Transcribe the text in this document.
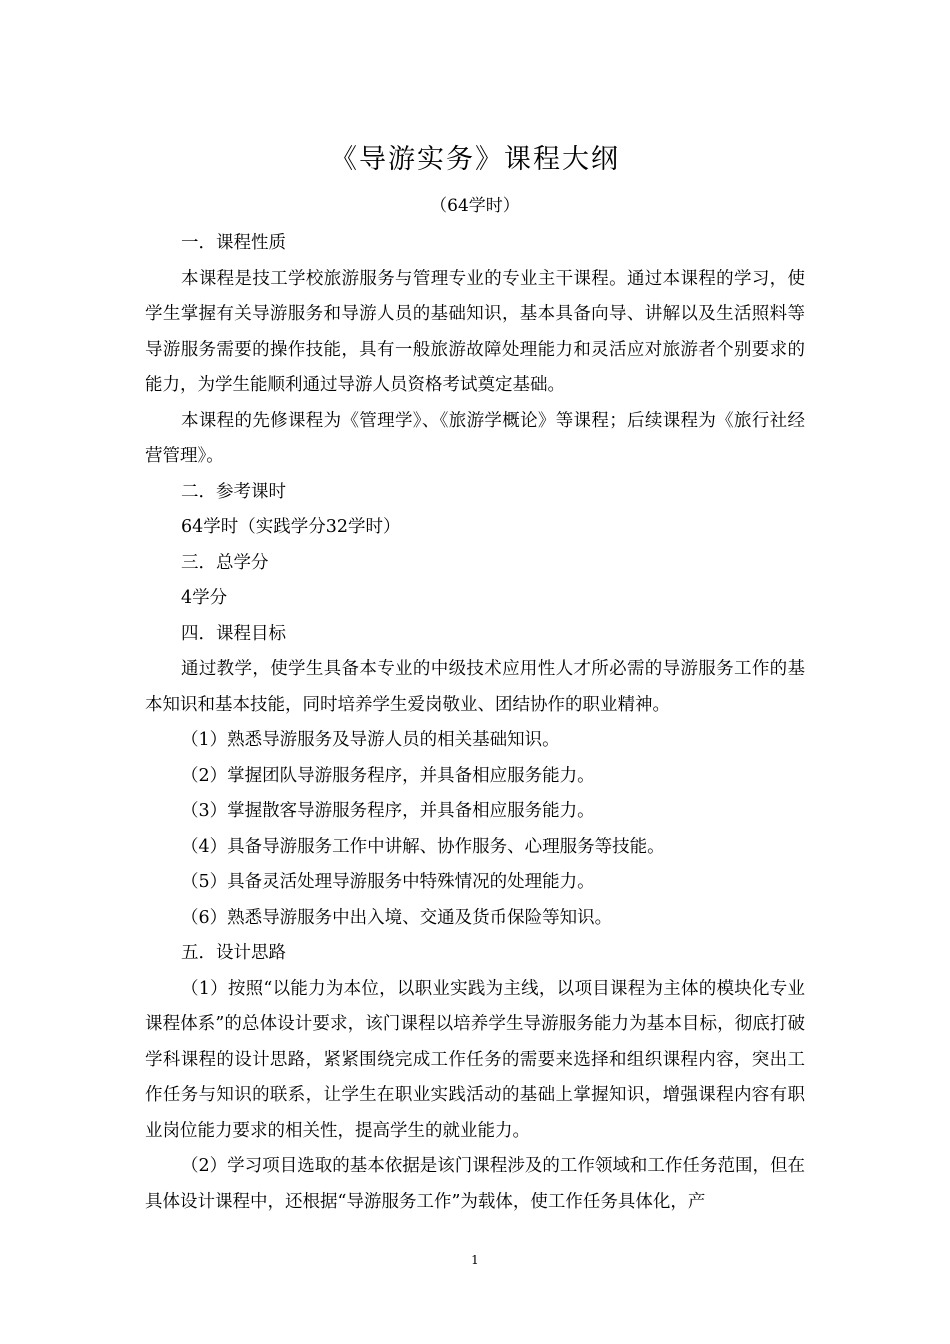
《导游实务》课程大纲
（64学时）

一．课程性质

本课程是技工学校旅游服务与管理专业的专业主干课程。通过本课程的学习，使学生掌握有关导游服务和导游人员的基础知识，基本具备向导、讲解以及生活照料等导游服务需要的操作技能，具有一般旅游故障处理能力和灵活应对旅游者个别要求的能力，为学生能顺利通过导游人员资格考试奠定基础。

本课程的先修课程为《管理学》、《旅游学概论》等课程；后续课程为《旅行社经营管理》。

二．参考课时

64学时（实践学分32学时）

三．总学分

4学分

四．课程目标

通过教学，使学生具备本专业的中级技术应用性人才所必需的导游服务工作的基本知识和基本技能，同时培养学生爱岗敬业、团结协作的职业精神。

（1）熟悉导游服务及导游人员的相关基础知识。

（2）掌握团队导游服务程序，并具备相应服务能力。

（3）掌握散客导游服务程序，并具备相应服务能力。

（4）具备导游服务工作中讲解、协作服务、心理服务等技能。

（5）具备灵活处理导游服务中特殊情况的处理能力。

（6）熟悉导游服务中出入境、交通及货币保险等知识。

五．设计思路

（1）按照“以能力为本位，以职业实践为主线，以项目课程为主体的模块化专业课程体系”的总体设计要求，该门课程以培养学生导游服务能力为基本目标，彻底打破学科课程的设计思路，紧紧围绕完成工作任务的需要来选择和组织课程内容，突出工作任务与知识的联系，让学生在职业实践活动的基础上掌握知识，增强课程内容有职业岗位能力要求的相关性，提高学生的就业能力。

（2）学习项目选取的基本依据是该门课程涉及的工作领域和工作任务范围，但在具体设计课程中，还根据“导游服务工作”为载体，使工作任务具体化，产

1
